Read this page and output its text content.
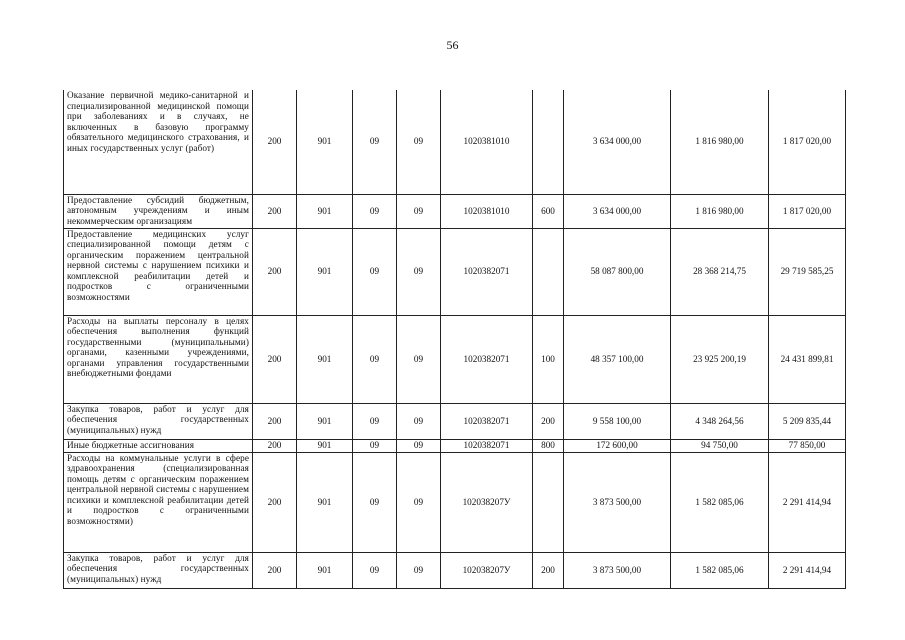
56
Оказание первичной медико-санитарной и специализированной медицинской помощи при заболеваниях и в случаях, не включенных в базовую программу обязательного медицинского страхования, и иных государственных услуг (работ)	200	901	09	09	1020381010		3 634 000,00	1 816 980,00	1 817 020,00
Предоставление субсидий бюджетным, автономным учреждениям и иным некоммерческим организациям	200	901	09	09	1020381010	600	3 634 000,00	1 816 980,00	1 817 020,00
Предоставление медицинских услуг специализированной помощи детям с органическим поражением центральной нервной системы с нарушением психики и комплексной реабилитации детей и подростков с ограниченными возможностями	200	901	09	09	1020382071		58 087 800,00	28 368 214,75	29 719 585,25
Расходы на выплаты персоналу в целях обеспечения выполнения функций государственными (муниципальными) органами, казенными учреждениями, органами управления государственными внебюджетными фондами	200	901	09	09	1020382071	100	48 357 100,00	23 925 200,19	24 431 899,81
Закупка товаров, работ и услуг для обеспечения государственных (муниципальных) нужд	200	901	09	09	1020382071	200	9 558 100,00	4 348 264,56	5 209 835,44
Иные бюджетные ассигнования	200	901	09	09	1020382071	800	172 600,00	94 750,00	77 850,00
Расходы на коммунальные услуги в сфере здравоохранения (специализированная помощь детям с органическим поражением центральной нервной системы с нарушением психики и комплексной реабилитации детей и подростков с ограниченными возможностями)	200	901	09	09	102038207У		3 873 500,00	1 582 085,06	2 291 414,94
Закупка товаров, работ и услуг для обеспечения государственных (муниципальных) нужд	200	901	09	09	102038207У	200	3 873 500,00	1 582 085,06	2 291 414,94
